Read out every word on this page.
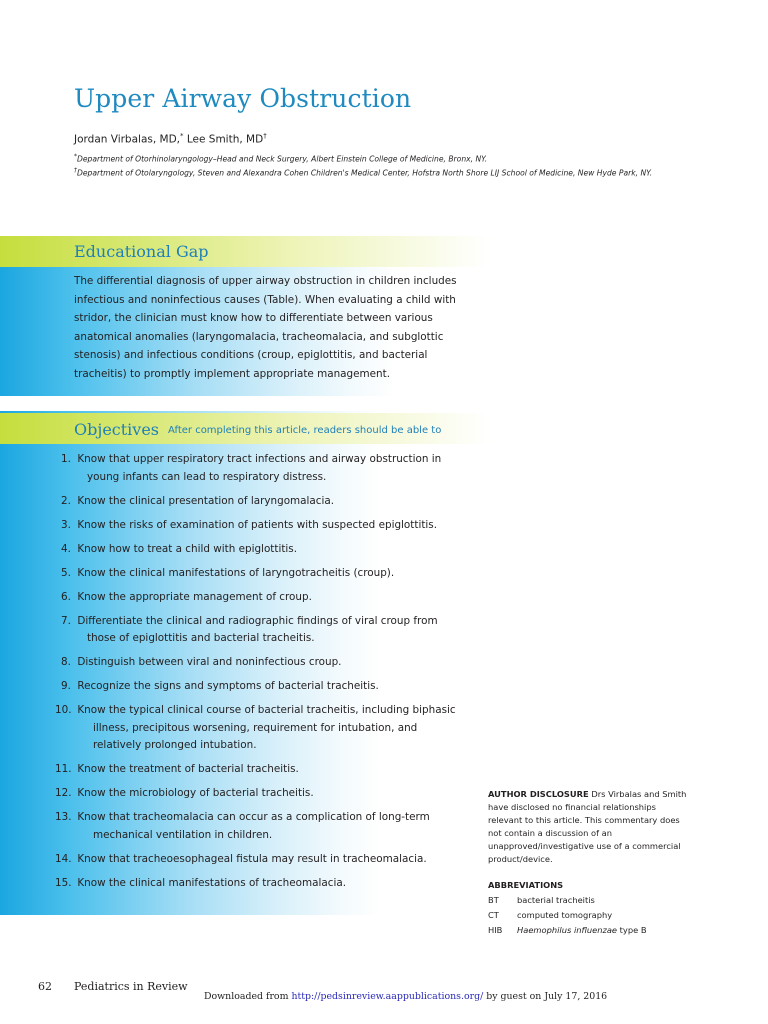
Upper Airway Obstruction
Jordan Virbalas, MD,* Lee Smith, MD†
*Department of Otorhinolaryngology–Head and Neck Surgery, Albert Einstein College of Medicine, Bronx, NY.
†Department of Otolaryngology, Steven and Alexandra Cohen Children's Medical Center, Hofstra North Shore LIJ School of Medicine, New Hyde Park, NY.
Educational Gap

The differential diagnosis of upper airway obstruction in children includes infectious and noninfectious causes (Table). When evaluating a child with stridor, the clinician must know how to differentiate between various anatomical anomalies (laryngomalacia, tracheomalacia, and subglottic stenosis) and infectious conditions (croup, epiglottitis, and bacterial tracheitis) to promptly implement appropriate management.

Objectives After completing this article, readers should be able to
Know that upper respiratory tract infections and airway obstruction in young infants can lead to respiratory distress.
Know the clinical presentation of laryngomalacia.
Know the risks of examination of patients with suspected epiglottitis.
Know how to treat a child with epiglottitis.
Know the clinical manifestations of laryngotracheitis (croup).
Know the appropriate management of croup.
Differentiate the clinical and radiographic findings of viral croup from those of epiglottitis and bacterial tracheitis.
Distinguish between viral and noninfectious croup.
Recognize the signs and symptoms of bacterial tracheitis.
Know the typical clinical course of bacterial tracheitis, including biphasic illness, precipitous worsening, requirement for intubation, and relatively prolonged intubation.
Know the treatment of bacterial tracheitis.
Know the microbiology of bacterial tracheitis.
Know that tracheomalacia can occur as a complication of long-term mechanical ventilation in children.
Know that tracheoesophageal fistula may result in tracheomalacia.
Know the clinical manifestations of tracheomalacia.
AUTHOR DISCLOSURE Drs Virbalas and Smith have disclosed no financial relationships relevant to this article. This commentary does not contain a discussion of an unapproved/investigative use of a commercial product/device.
ABBREVIATIONS
BT bacterial tracheitis
CT computed tomography
HIB Haemophilus influenzae type B
62 Pediatrics in Review
Downloaded from http://pedsinreview.aappublications.org/ by guest on July 17, 2016
